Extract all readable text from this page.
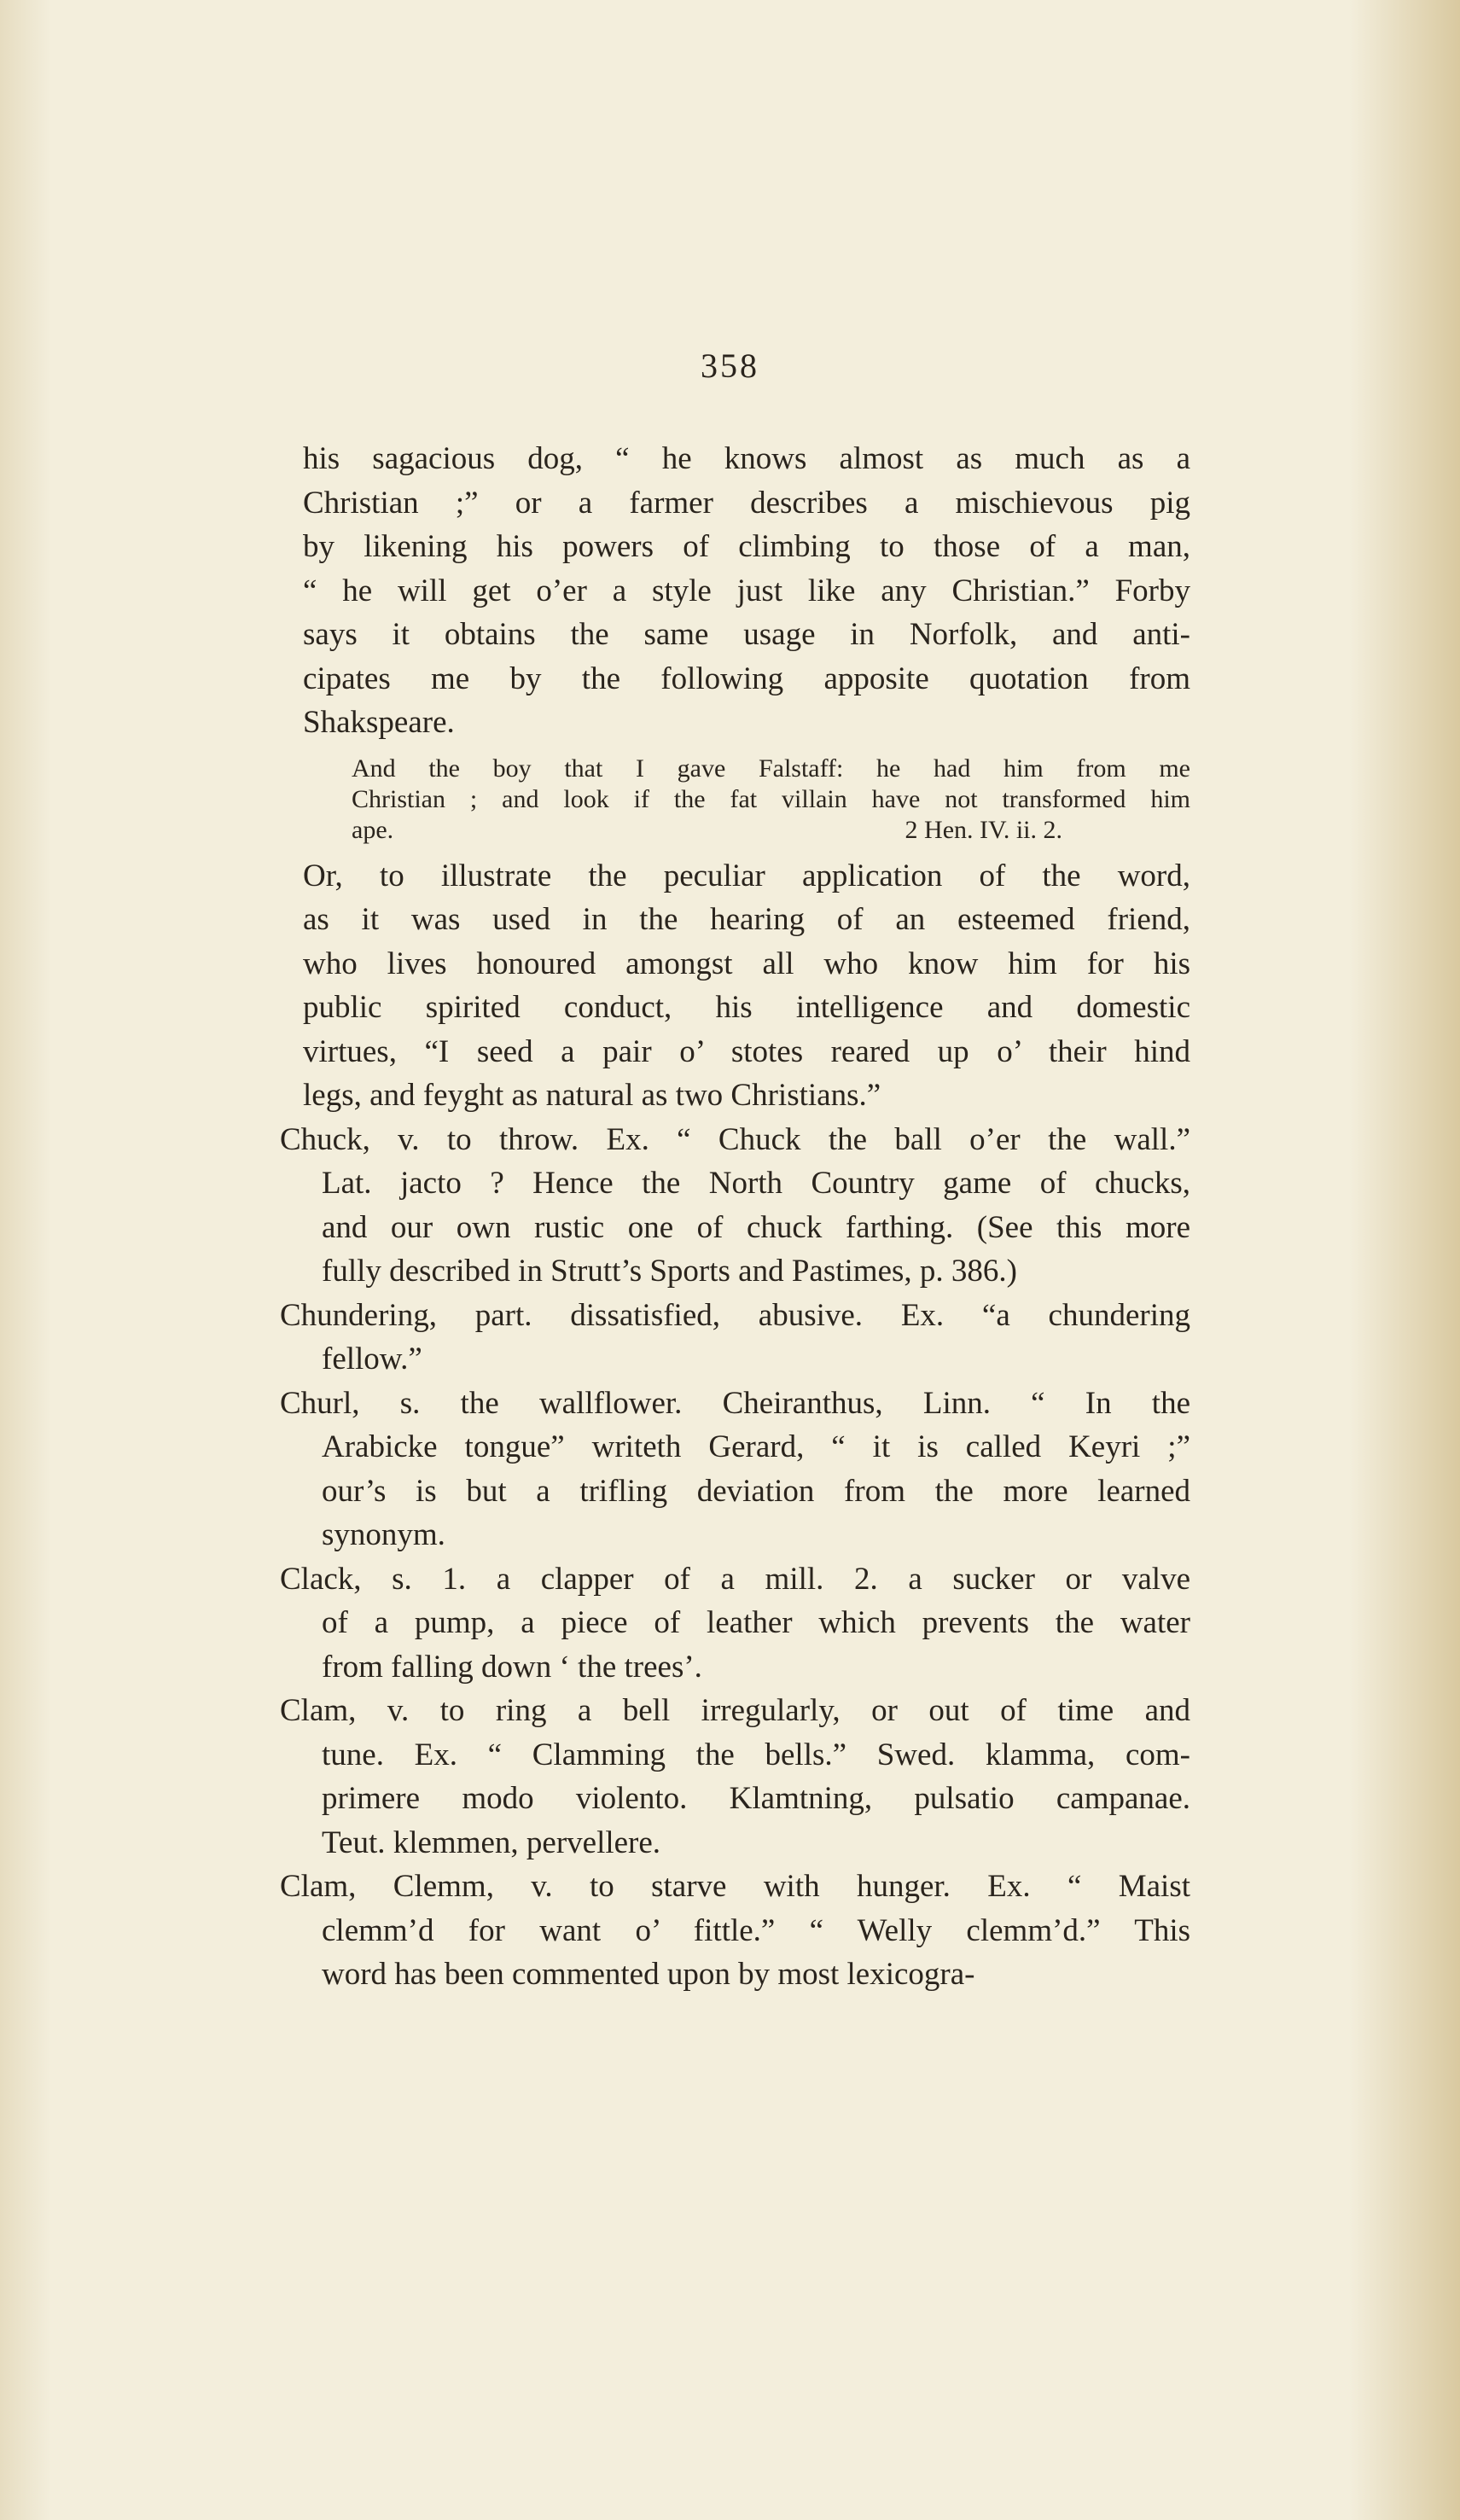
358
his sagacious dog, “ he knows almost as much as a
Christian ;” or a farmer describes a mischievous pig
by likening his powers of climbing to those of a man,
“ he will get o’er a style just like any Christian.” Forby
says it obtains the same usage in Norfolk, and anti-
cipates me by the following apposite quotation from
Shakspeare.
And the boy that I gave Falstaff: he had him from me
Christian ; and look if the fat villain have not transformed him
ape.	2 Hen. IV. ii. 2.
Or, to illustrate the peculiar application of the word,
as it was used in the hearing of an esteemed friend,
who lives honoured amongst all who know him for his
public spirited conduct, his intelligence and domestic
virtues, “I seed a pair o’ stotes reared up o’ their hind
legs, and feyght as natural as two Christians.”
Chuck, v. to throw. Ex. “ Chuck the ball o’er the wall.”
Lat. jacto ? Hence the North Country game of chucks,
and our own rustic one of chuck farthing. (See this more
fully described in Strutt’s Sports and Pastimes, p. 386.)
Chundering, part. dissatisfied, abusive. Ex. “a chundering
fellow.”
Churl, s. the wallflower. Cheiranthus, Linn. “ In the
Arabicke tongue” writeth Gerard, “ it is called Keyri ;”
our’s is but a trifling deviation from the more learned
synonym.
Clack, s. 1. a clapper of a mill. 2. a sucker or valve
of a pump, a piece of leather which prevents the water
from falling down ‘ the trees’.
Clam, v. to ring a bell irregularly, or out of time and
tune. Ex. “ Clamming the bells.” Swed. klamma, com-
primere modo violento. Klamtning, pulsatio campanae.
Teut. klemmen, pervellere.
Clam, Clemm, v. to starve with hunger. Ex. “ Maist
clemm’d for want o’ fittle.” “ Welly clemm’d.” This
word has been commented upon by most lexicogra-
